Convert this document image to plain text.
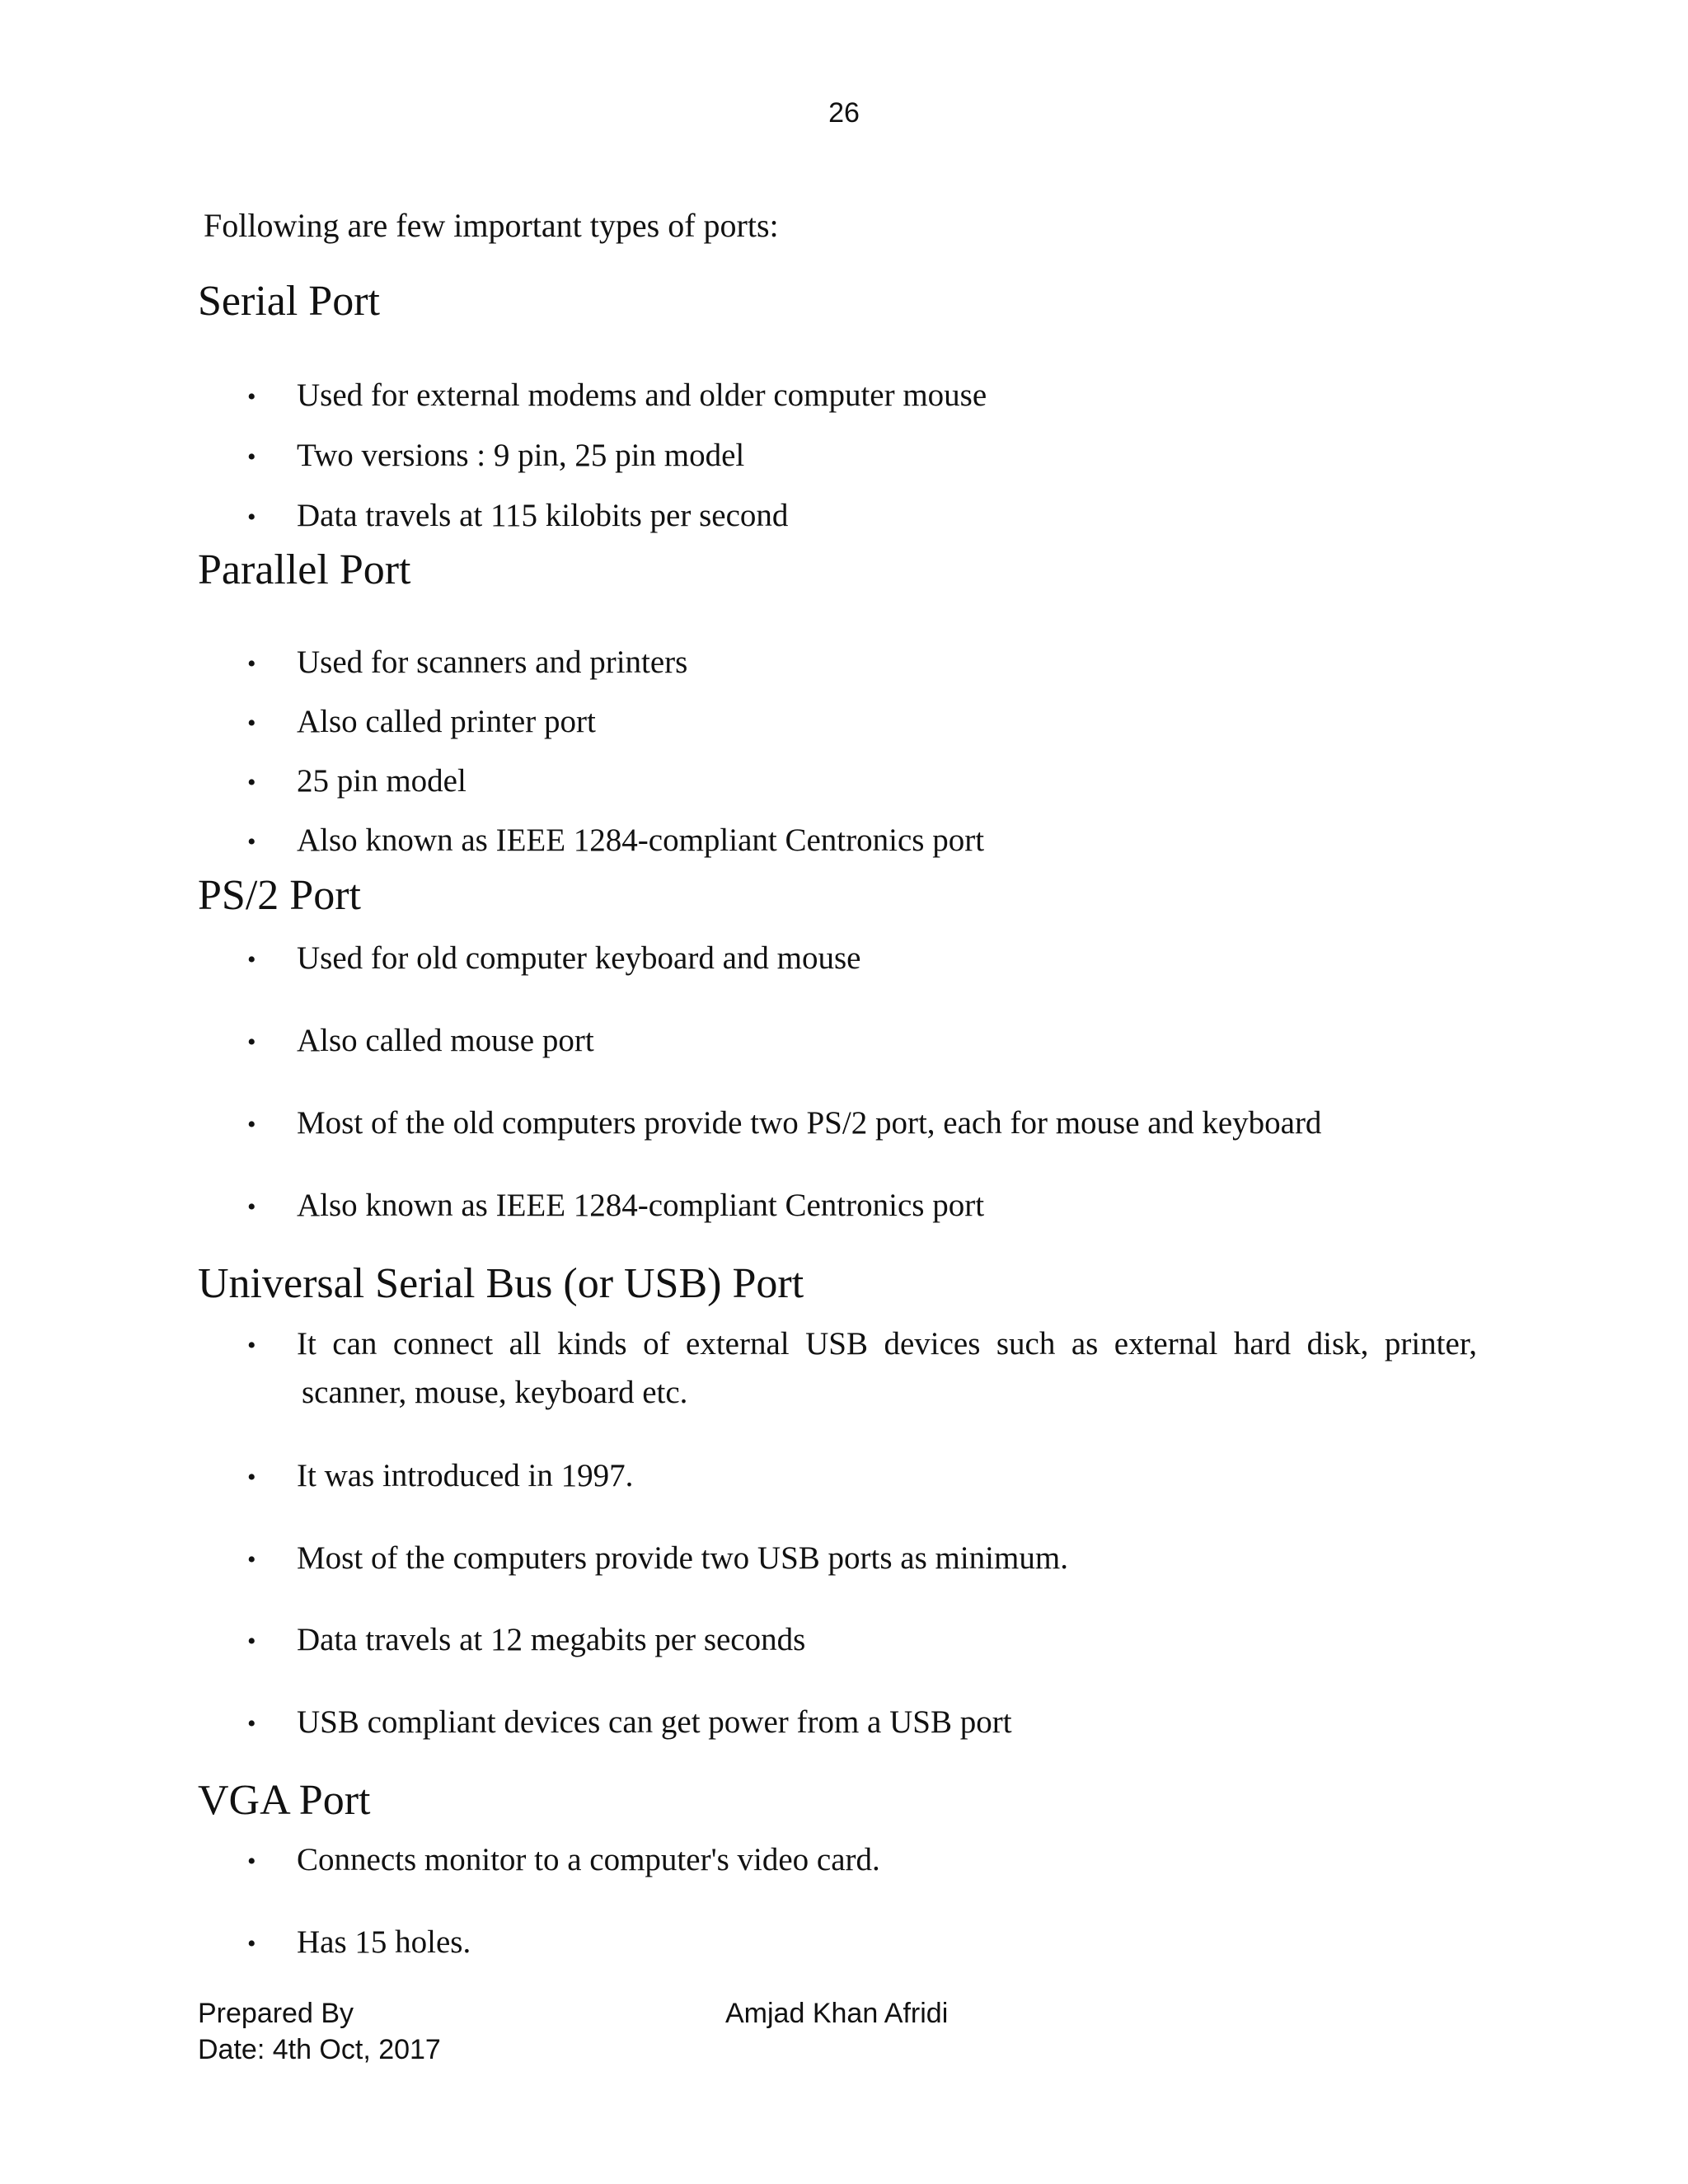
26
Following are few important types of ports:
Serial Port
• Used for external modems and older computer mouse
• Two versions : 9 pin, 25 pin model
• Data travels at 115 kilobits per second
Parallel Port
• Used for scanners and printers
• Also called printer port
• 25 pin model
• Also known as IEEE 1284-compliant Centronics port
PS/2 Port
• Used for old computer keyboard and mouse
• Also called mouse port
• Most of the old computers provide two PS/2 port, each for mouse and keyboard
• Also known as IEEE 1284-compliant Centronics port
Universal Serial Bus (or USB) Port
• It can connect all kinds of external USB devices such as external hard disk, printer,
scanner, mouse, keyboard etc.
• It was introduced in 1997.
• Most of the computers provide two USB ports as minimum.
• Data travels at 12 megabits per seconds
• USB compliant devices can get power from a USB port
VGA Port
• Connects monitor to a computer's video card.
• Has 15 holes.
Prepared By	Amjad Khan Afridi
Date: 4th Oct, 2017
